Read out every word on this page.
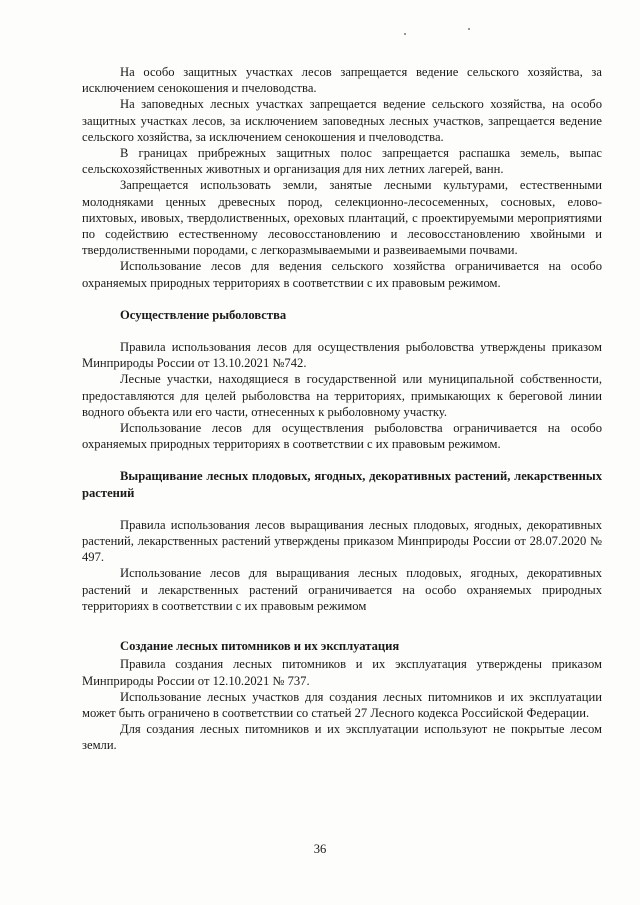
На особо защитных участках лесов запрещается ведение сельского хозяйства, за исключением сенокошения и пчеловодства.

На заповедных лесных участках запрещается ведение сельского хозяйства, на особо защитных участках лесов, за исключением заповедных лесных участков, запрещается ведение сельского хозяйства, за исключением сенокошения и пчеловодства.

В границах прибрежных защитных полос запрещается распашка земель, выпас сельскохозяйственных животных и организация для них летних лагерей, ванн.

Запрещается использовать земли, занятые лесными культурами, естественными молодняками ценных древесных пород, селекционно-лесосеменных, сосновых, елово-пихтовых, ивовых, твердолиственных, ореховых плантаций, с проектируемыми мероприятиями по содействию естественному лесовосстановлению и лесовосстановлению хвойными и твердолиственными породами, с легкоразмываемыми и развеиваемыми почвами.

Использование лесов для ведения сельского хозяйства ограничивается на особо охраняемых природных территориях в соответствии с их правовым режимом.

Осуществление рыболовства

Правила использования лесов для осуществления рыболовства утверждены приказом Минприроды России от 13.10.2021 №742.

Лесные участки, находящиеся в государственной или муниципальной собственности, предоставляются для целей рыболовства на территориях, примыкающих к береговой линии водного объекта или его части, отнесенных к рыболовному участку.

Использование лесов для осуществления рыболовства ограничивается на особо охраняемых природных территориях в соответствии с их правовым режимом.

Выращивание лесных плодовых, ягодных, декоративных растений, лекарственных растений

Правила использования лесов выращивания лесных плодовых, ягодных, декоративных растений, лекарственных растений утверждены приказом Минприроды России от 28.07.2020 № 497.

Использование лесов для выращивания лесных плодовых, ягодных, декоративных растений и лекарственных растений ограничивается на особо охраняемых природных территориях в соответствии с их правовым режимом

Создание лесных питомников и их эксплуатация

Правила создания лесных питомников и их эксплуатация утверждены приказом Минприроды России от 12.10.2021 № 737.

Использование лесных участков для создания лесных питомников и их эксплуатации может быть ограничено в соответствии со статьей 27 Лесного кодекса Российской Федерации.

Для создания лесных питомников и их эксплуатации используют не покрытые лесом земли.

36
